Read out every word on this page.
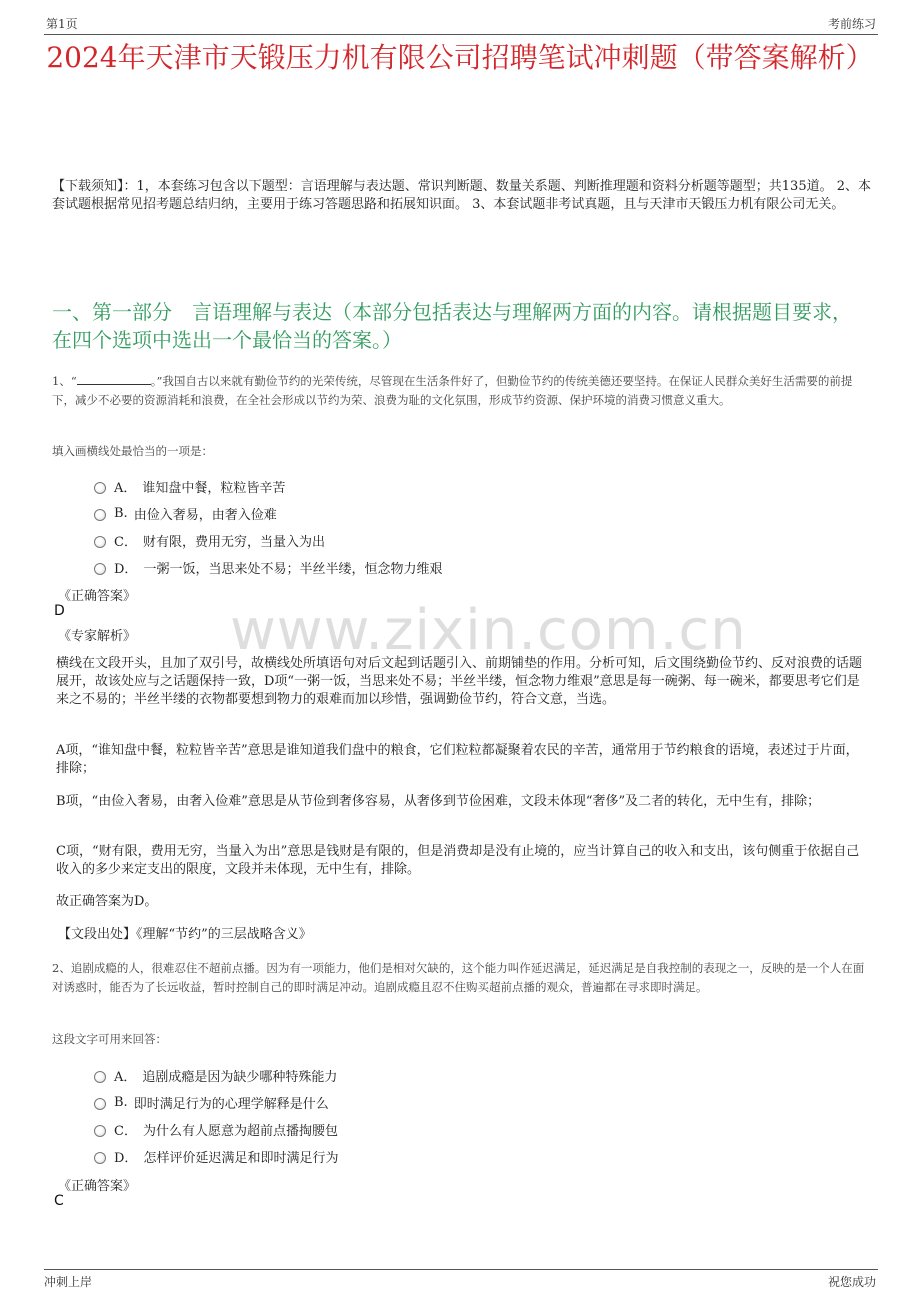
第1页	考前练习
2024年天津市天锻压力机有限公司招聘笔试冲刺题（带答案解析）
【下载须知】：1，本套练习包含以下题型：言语理解与表达题、常识判断题、数量关系题、判断推理题和资料分析题等题型；共135道。 2、本套试题根据常见招考题总结归纳，主要用于练习答题思路和拓展知识面。 3、本套试题非考试真题，且与天津市天锻压力机有限公司无关。
一、第一部分　言语理解与表达（本部分包括表达与理解两方面的内容。请根据题目要求，在四个选项中选出一个最恰当的答案。）
1、“	。”我国自古以来就有勤俭节约的光荣传统，尽管现在生活条件好了，但勤俭节约的传统美德还要坚持。在保证人民群众美好生活需要的前提下，减少不必要的资源消耗和浪费，在全社会形成以节约为荣、浪费为耻的文化氛围，形成节约资源、保护环境的消费习惯意义重大。
填入画横线处最恰当的一项是：
A． 谁知盘中餐，粒粒皆辛苦
B. 由俭入奢易，由奢入俭难
C． 财有限，费用无穷，当量入为出
D． 一粥一饭，当思来处不易；半丝半缕，恒念物力维艰
www.zixin.com.cn
《正确答案》
D
《专家解析》
横线在文段开头，且加了双引号，故横线处所填语句对后文起到话题引入、前期铺垫的作用。分析可知，后文围绕勤俭节约、反对浪费的话题展开，故该处应与之话题保持一致，D项“一粥一饭，当思来处不易；半丝半缕，恒念物力维艰”意思是每一碗粥、每一碗米，都要思考它们是来之不易的；半丝半缕的衣物都要想到物力的艰难而加以珍惜，强调勤俭节约，符合文意，当选。
A项，“谁知盘中餐，粒粒皆辛苦”意思是谁知道我们盘中的粮食，它们粒粒都凝聚着农民的辛苦，通常用于节约粮食的语境，表述过于片面，排除；
B项，“由俭入奢易，由奢入俭难”意思是从节俭到奢侈容易，从奢侈到节俭困难，文段未体现“奢侈”及二者的转化，无中生有，排除；
C项，“财有限，费用无穷，当量入为出”意思是钱财是有限的，但是消费却是没有止境的，应当计算自己的收入和支出，该句侧重于依据自己收入的多少来定支出的限度，文段并未体现，无中生有，排除。
故正确答案为D。
【文段出处】《理解“节约”的三层战略含义》
2、追剧成瘾的人，很难忍住不超前点播。因为有一项能力，他们是相对欠缺的，这个能力叫作延迟满足，延迟满足是自我控制的表现之一，反映的是一个人在面对诱惑时，能否为了长远收益，暂时控制自己的即时满足冲动。追剧成瘾且忍不住购买超前点播的观众，普遍都在寻求即时满足。
这段文字可用来回答：
A． 追剧成瘾是因为缺少哪种特殊能力
B. 即时满足行为的心理学解释是什么
C． 为什么有人愿意为超前点播掏腰包
D． 怎样评价延迟满足和即时满足行为
《正确答案》
C
冲刺上岸	祝您成功
